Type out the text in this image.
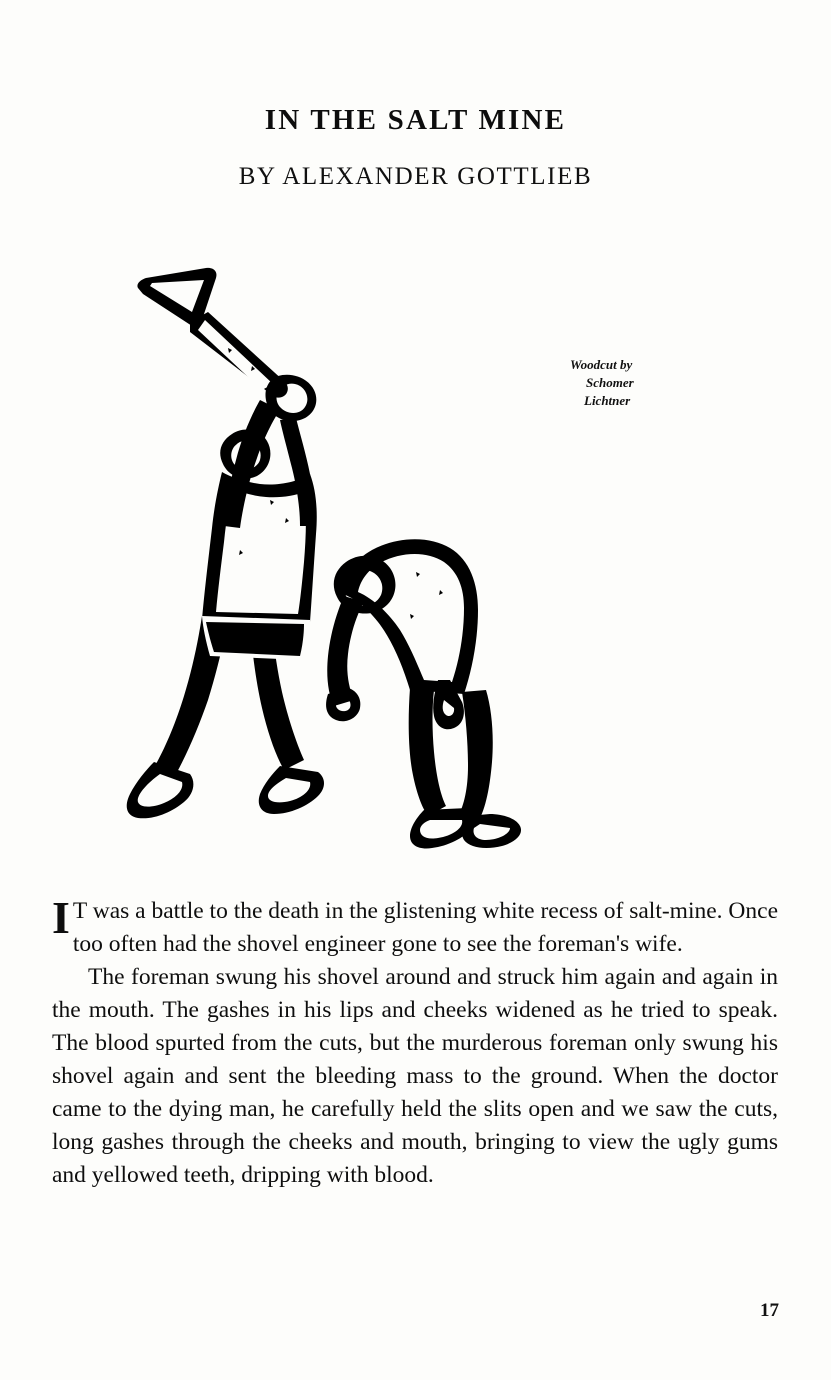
IN THE SALT MINE
BY ALEXANDER GOTTLIEB
Woodcut by
Schomer
Lichtner

I T was a battle to the death in the glistening white recess of salt-mine. Once too often had the shovel engineer gone to see the foreman's wife.

The foreman swung his shovel around and struck him again and again in the mouth. The gashes in his lips and cheeks widened as he tried to speak. The blood spurted from the cuts, but the murderous foreman only swung his shovel again and sent the bleeding mass to the ground. When the doctor came to the dying man, he carefully held the slits open and we saw the cuts, long gashes through the cheeks and mouth, bringing to view the ugly gums and yellowed teeth, dripping with blood.

17
